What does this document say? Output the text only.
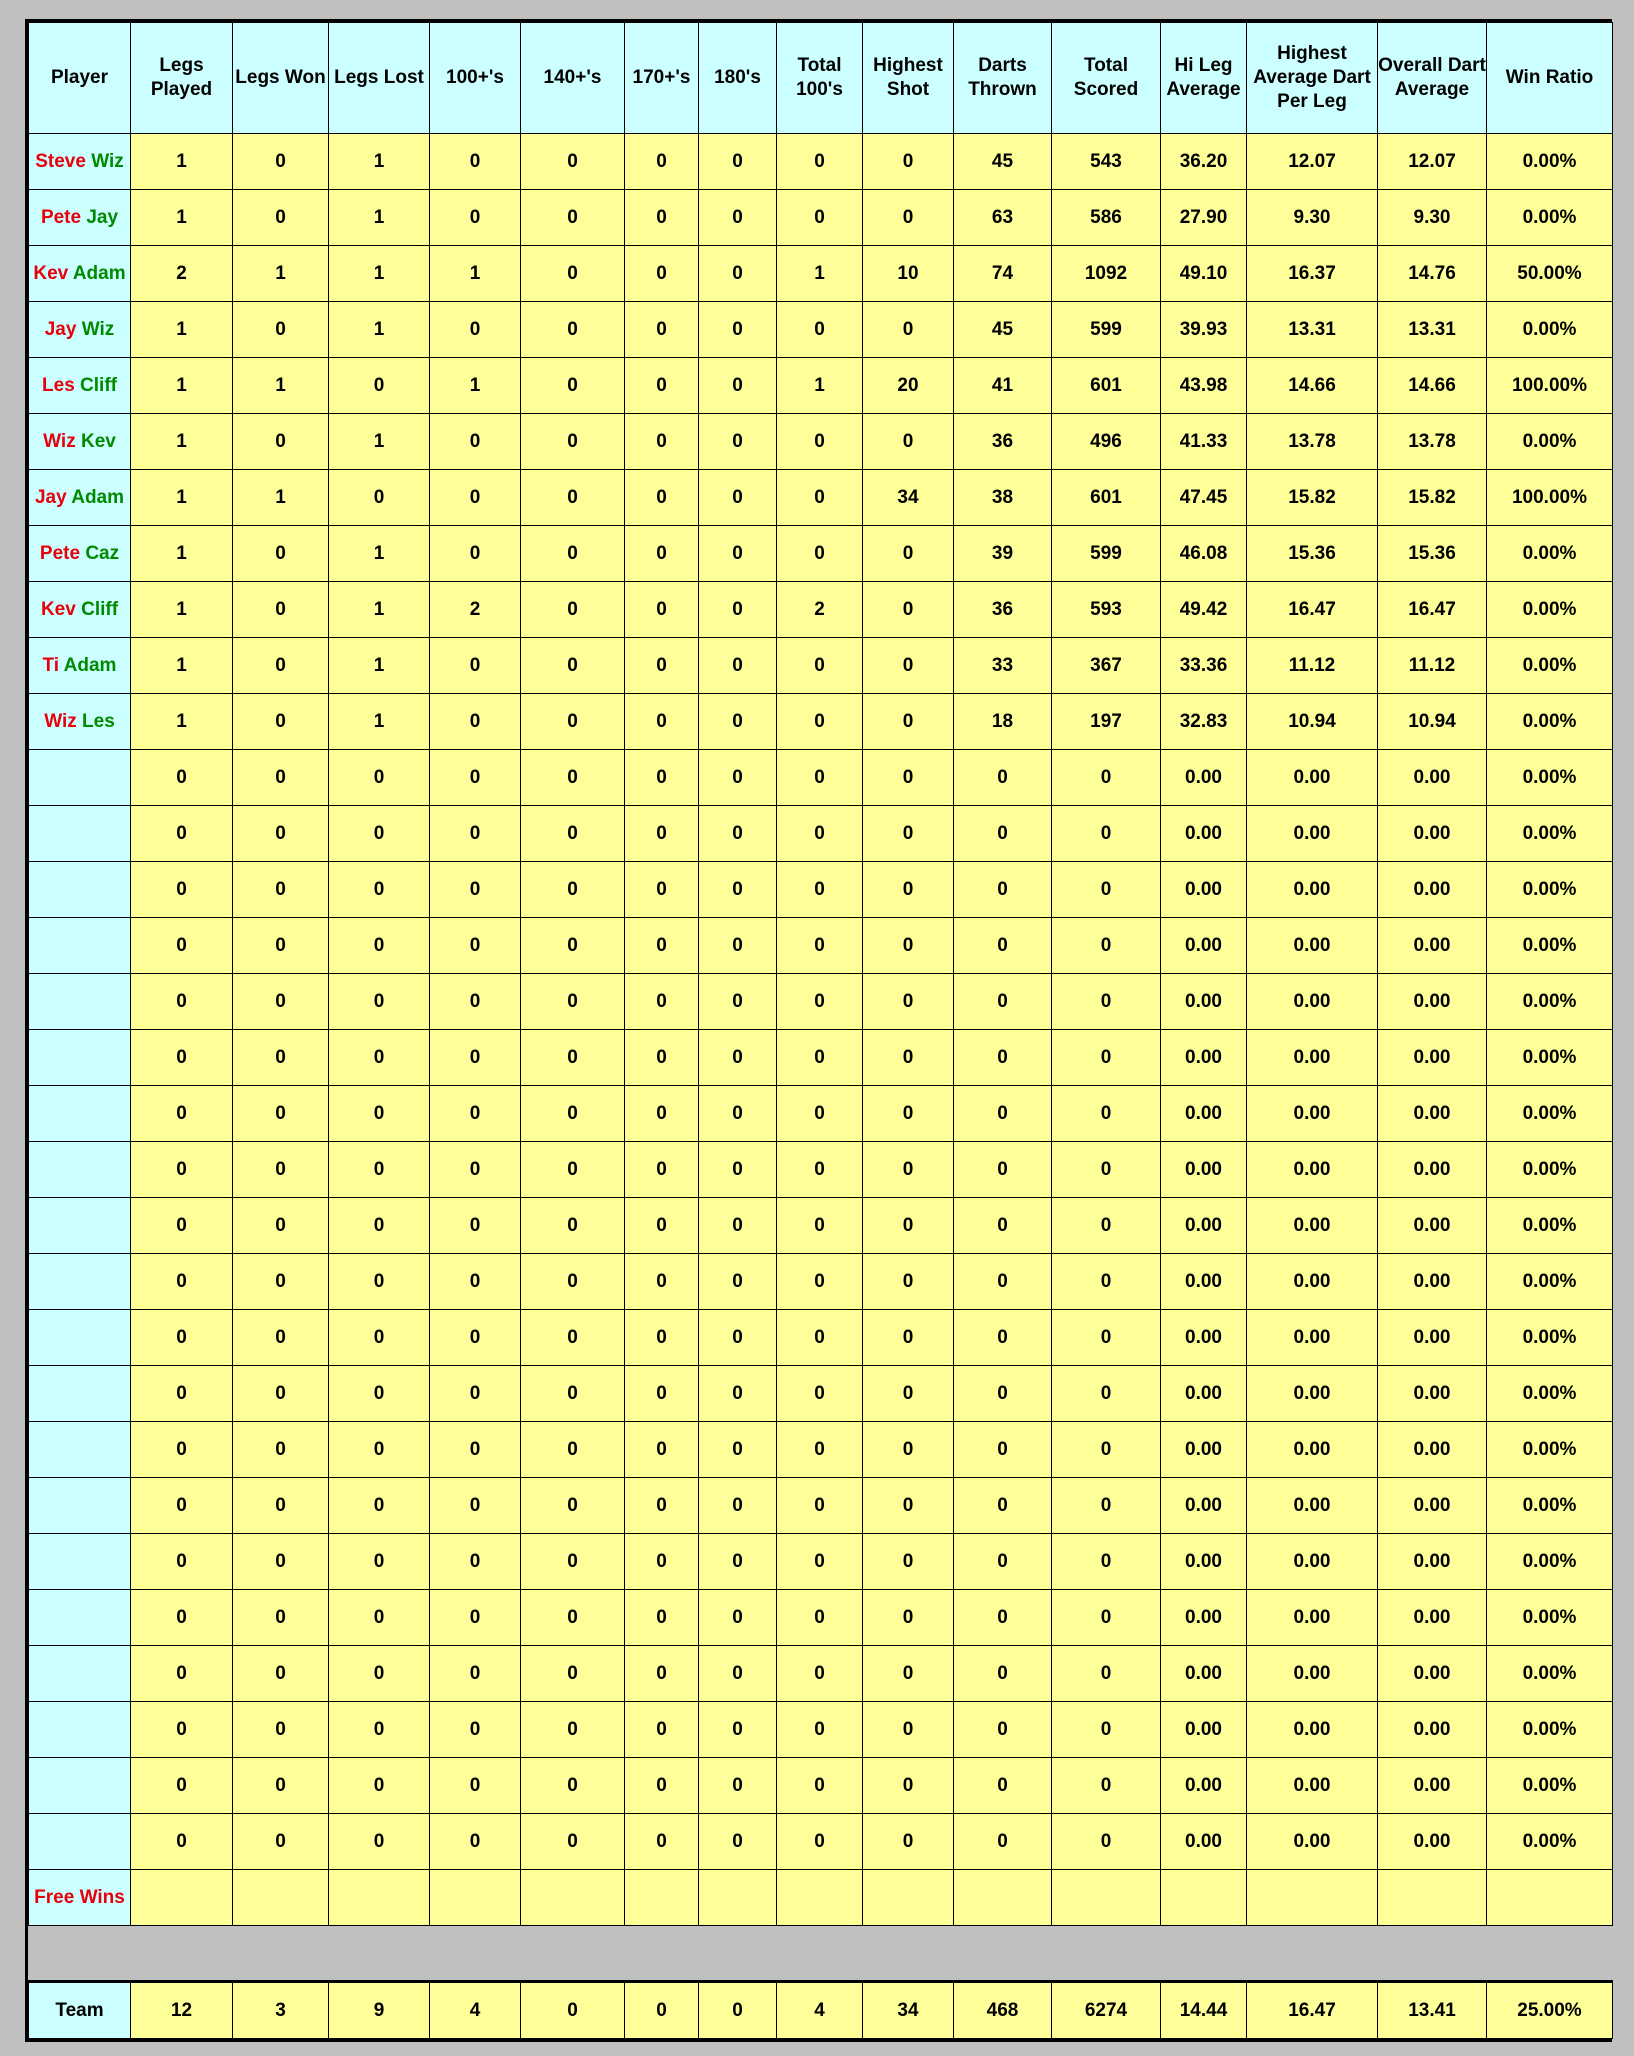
Player	Legs Played	Legs Won	Legs Lost	100+'s	140+'s	170+'s	180's	Total 100's	Highest Shot	Darts Thrown	Total Scored	Hi Leg Average	Highest Average Dart Per Leg	Overall Dart Average	Win Ratio
Steve Wiz	1	0	1	0	0	0	0	0	0	45	543	36.20	12.07	12.07	0.00%
Pete Jay	1	0	1	0	0	0	0	0	0	63	586	27.90	9.30	9.30	0.00%
Kev Adam	2	1	1	1	0	0	0	1	10	74	1092	49.10	16.37	14.76	50.00%
Jay Wiz	1	0	1	0	0	0	0	0	0	45	599	39.93	13.31	13.31	0.00%
Les Cliff	1	1	0	1	0	0	0	1	20	41	601	43.98	14.66	14.66	100.00%
Wiz Kev	1	0	1	0	0	0	0	0	0	36	496	41.33	13.78	13.78	0.00%
Jay Adam	1	1	0	0	0	0	0	0	34	38	601	47.45	15.82	15.82	100.00%
Pete Caz	1	0	1	0	0	0	0	0	0	39	599	46.08	15.36	15.36	0.00%
Kev Cliff	1	0	1	2	0	0	0	2	0	36	593	49.42	16.47	16.47	0.00%
Ti Adam	1	0	1	0	0	0	0	0	0	33	367	33.36	11.12	11.12	0.00%
Wiz Les	1	0	1	0	0	0	0	0	0	18	197	32.83	10.94	10.94	0.00%
	0	0	0	0	0	0	0	0	0	0	0	0.00	0.00	0.00	0.00%
	0	0	0	0	0	0	0	0	0	0	0	0.00	0.00	0.00	0.00%
	0	0	0	0	0	0	0	0	0	0	0	0.00	0.00	0.00	0.00%
	0	0	0	0	0	0	0	0	0	0	0	0.00	0.00	0.00	0.00%
	0	0	0	0	0	0	0	0	0	0	0	0.00	0.00	0.00	0.00%
	0	0	0	0	0	0	0	0	0	0	0	0.00	0.00	0.00	0.00%
	0	0	0	0	0	0	0	0	0	0	0	0.00	0.00	0.00	0.00%
	0	0	0	0	0	0	0	0	0	0	0	0.00	0.00	0.00	0.00%
	0	0	0	0	0	0	0	0	0	0	0	0.00	0.00	0.00	0.00%
	0	0	0	0	0	0	0	0	0	0	0	0.00	0.00	0.00	0.00%
	0	0	0	0	0	0	0	0	0	0	0	0.00	0.00	0.00	0.00%
	0	0	0	0	0	0	0	0	0	0	0	0.00	0.00	0.00	0.00%
	0	0	0	0	0	0	0	0	0	0	0	0.00	0.00	0.00	0.00%
	0	0	0	0	0	0	0	0	0	0	0	0.00	0.00	0.00	0.00%
	0	0	0	0	0	0	0	0	0	0	0	0.00	0.00	0.00	0.00%
	0	0	0	0	0	0	0	0	0	0	0	0.00	0.00	0.00	0.00%
	0	0	0	0	0	0	0	0	0	0	0	0.00	0.00	0.00	0.00%
	0	0	0	0	0	0	0	0	0	0	0	0.00	0.00	0.00	0.00%
	0	0	0	0	0	0	0	0	0	0	0	0.00	0.00	0.00	0.00%
	0	0	0	0	0	0	0	0	0	0	0	0.00	0.00	0.00	0.00%
Free Wins															

Team	12	3	9	4	0	0	0	4	34	468	6274	14.44	16.47	13.41	25.00%
